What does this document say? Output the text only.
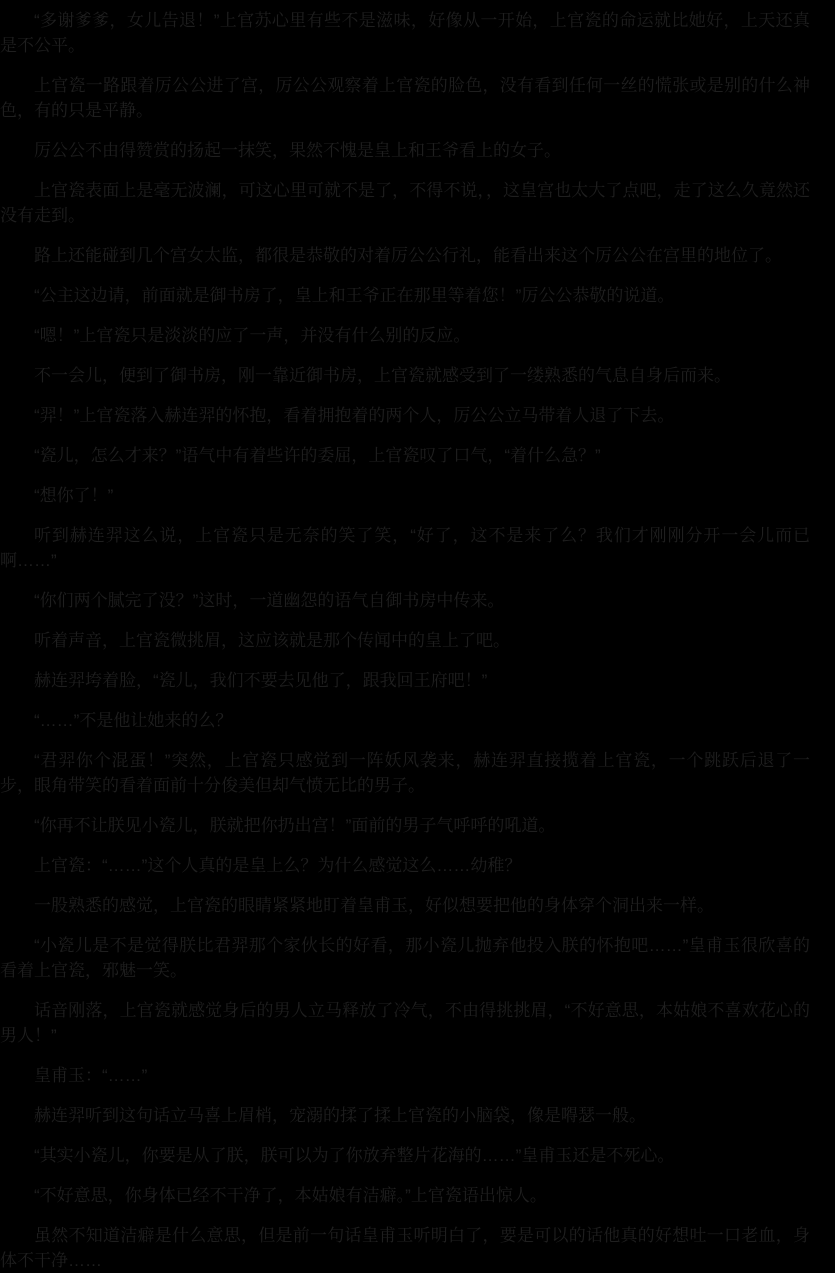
“多谢爹爹，女儿告退！”上官苏心里有些不是滋味，好像从一开始，上官瓷的命运就比她好，上天还真是不公平。

上官瓷一路跟着厉公公进了宫，厉公公观察着上官瓷的脸色，没有看到任何一丝的慌张或是别的什么神色，有的只是平静。

厉公公不由得赞赏的扬起一抹笑，果然不愧是皇上和王爷看上的女子。

上官瓷表面上是毫无波澜，可这心里可就不是了，不得不说，，这皇宫也太大了点吧，走了这么久竟然还没有走到。

路上还能碰到几个宫女太监，都很是恭敬的对着厉公公行礼，能看出来这个厉公公在宫里的地位了。

“公主这边请，前面就是御书房了，皇上和王爷正在那里等着您！”厉公公恭敬的说道。

“嗯！”上官瓷只是淡淡的应了一声，并没有什么别的反应。

不一会儿，便到了御书房，刚一靠近御书房，上官瓷就感受到了一缕熟悉的气息自身后而来。

“羿！”上官瓷落入赫连羿的怀抱，看着拥抱着的两个人，厉公公立马带着人退了下去。

“瓷儿，怎么才来？”语气中有着些许的委屈，上官瓷叹了口气，“着什么急？”

“想你了！”

听到赫连羿这么说，上官瓷只是无奈的笑了笑，“好了，这不是来了么？我们才刚刚分开一会儿而已啊……”

“你们两个腻完了没？”这时，一道幽怨的语气自御书房中传来。

听着声音，上官瓷微挑眉，这应该就是那个传闻中的皇上了吧。

赫连羿垮着脸，“瓷儿，我们不要去见他了，跟我回王府吧！”

“……”不是他让她来的么？

“君羿你个混蛋！”突然，上官瓷只感觉到一阵妖风袭来，赫连羿直接揽着上官瓷，一个跳跃后退了一步，眼角带笑的看着面前十分俊美但却气愤无比的男子。

“你再不让朕见小瓷儿，朕就把你扔出宫！”面前的男子气呼呼的吼道。

上官瓷：“……”这个人真的是皇上么？为什么感觉这么……幼稚？

一股熟悉的感觉，上官瓷的眼睛紧紧地盯着皇甫玉，好似想要把他的身体穿个洞出来一样。

“小瓷儿是不是觉得朕比君羿那个家伙长的好看，那小瓷儿抛弃他投入朕的怀抱吧……”皇甫玉很欣喜的看着上官瓷，邪魅一笑。

话音刚落，上官瓷就感觉身后的男人立马释放了冷气，不由得挑挑眉，“不好意思，本姑娘不喜欢花心的男人！”

皇甫玉：“……”

赫连羿听到这句话立马喜上眉梢，宠溺的揉了揉上官瓷的小脑袋，像是嘚瑟一般。

“其实小瓷儿，你要是从了朕，朕可以为了你放弃整片花海的……”皇甫玉还是不死心。

“不好意思，你身体已经不干净了，本姑娘有洁癖。”上官瓷语出惊人。

虽然不知道洁癖是什么意思，但是前一句话皇甫玉听明白了，要是可以的话他真的好想吐一口老血，身体不干净……
